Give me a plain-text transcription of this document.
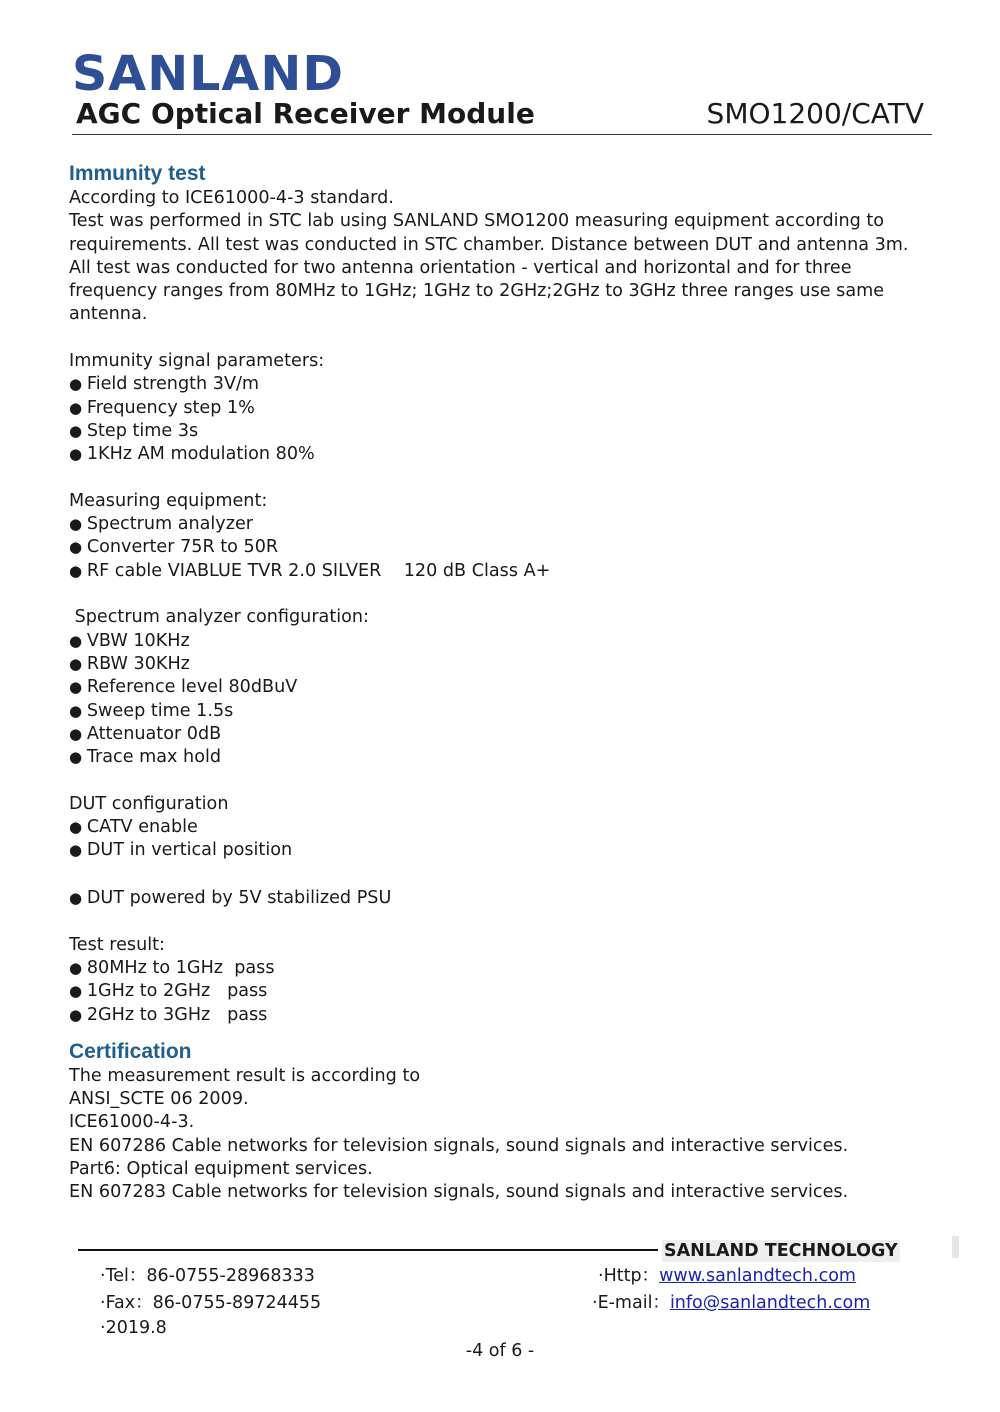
SANLAND
AGC Optical Receiver Module	SMO1200/CATV
Immunity test

According to ICE61000-4-3 standard.

Test was performed in STC lab using SANLAND SMO1200 measuring equipment according to

requirements. All test was conducted in STC chamber. Distance between DUT and antenna 3m.

All test was conducted for two antenna orientation - vertical and horizontal and for three

frequency ranges from 80MHz to 1GHz; 1GHz to 2GHz;2GHz to 3GHz three ranges use same

antenna.

Immunity signal parameters:

● Field strength 3V/m

● Frequency step 1%

● Step time 3s

● 1KHz AM modulation 80%

Measuring equipment:

● Spectrum analyzer

● Converter 75R to 50R

● RF cable VIABLUE TVR 2.0 SILVER    120 dB Class A+

Spectrum analyzer configuration:

● VBW 10KHz

● RBW 30KHz

● Reference level 80dBuV

● Sweep time 1.5s

● Attenuator 0dB

● Trace max hold

DUT configuration

● CATV enable

● DUT in vertical position

● DUT powered by 5V stabilized PSU

Test result:

● 80MHz to 1GHz  pass

● 1GHz to 2GHz   pass

● 2GHz to 3GHz   pass

Certification

The measurement result is according to

ANSI_SCTE 06 2009.

ICE61000-4-3.

EN 607286 Cable networks for television signals, sound signals and interactive services.

Part6: Optical equipment services.

EN 607283 Cable networks for television signals, sound signals and interactive services.

SANLAND TECHNOLOGY
·Tel：86-0755-28968333
·Fax：86-0755-89724455
·2019.8
·Http：www.sanlandtech.com
·E-mail：info@sanlandtech.com
-4 of 6 -
